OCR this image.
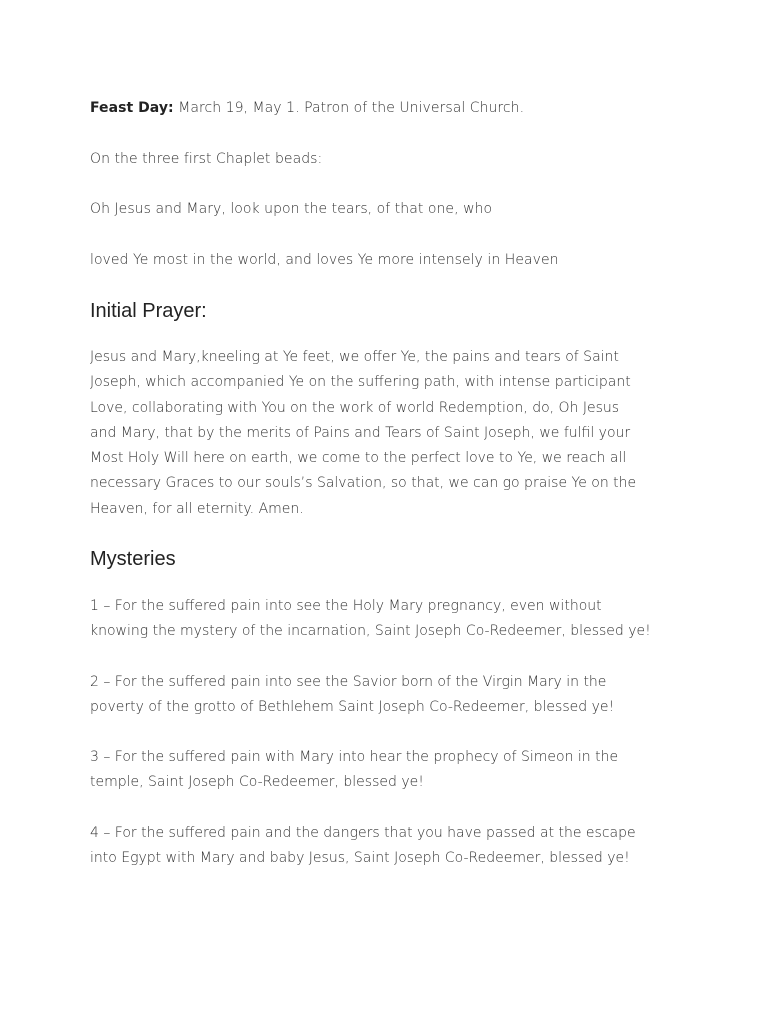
Feast Day: March 19, May 1. Patron of the Universal Church.
On the three first Chaplet beads:
Oh Jesus and Mary, look upon the tears, of that one, who
loved Ye most in the world, and loves Ye more intensely in Heaven
Initial Prayer:
Jesus and Mary,kneeling at Ye feet, we offer Ye, the pains and tears of Saint
Joseph, which accompanied Ye on the suffering path, with intense participant
Love, collaborating with You on the work of world Redemption, do, Oh Jesus
and Mary, that by the merits of Pains and Tears of Saint Joseph, we fulfil your
Most Holy Will here on earth, we come to the perfect love to Ye, we reach all
necessary Graces to our souls’s Salvation, so that, we can go praise Ye on the
Heaven, for all eternity. Amen.
Mysteries
1 – For the suffered pain into see the Holy Mary pregnancy, even without
knowing the mystery of the incarnation, Saint Joseph Co-Redeemer, blessed ye!
2 – For the suffered pain into see the Savior born of the Virgin Mary in the
poverty of the grotto of Bethlehem Saint Joseph Co-Redeemer, blessed ye!
3 – For the suffered pain with Mary into hear the prophecy of Simeon in the
temple, Saint Joseph Co-Redeemer, blessed ye!
4 – For the suffered pain and the dangers that you have passed at the escape
into Egypt with Mary and baby Jesus, Saint Joseph Co-Redeemer, blessed ye!
